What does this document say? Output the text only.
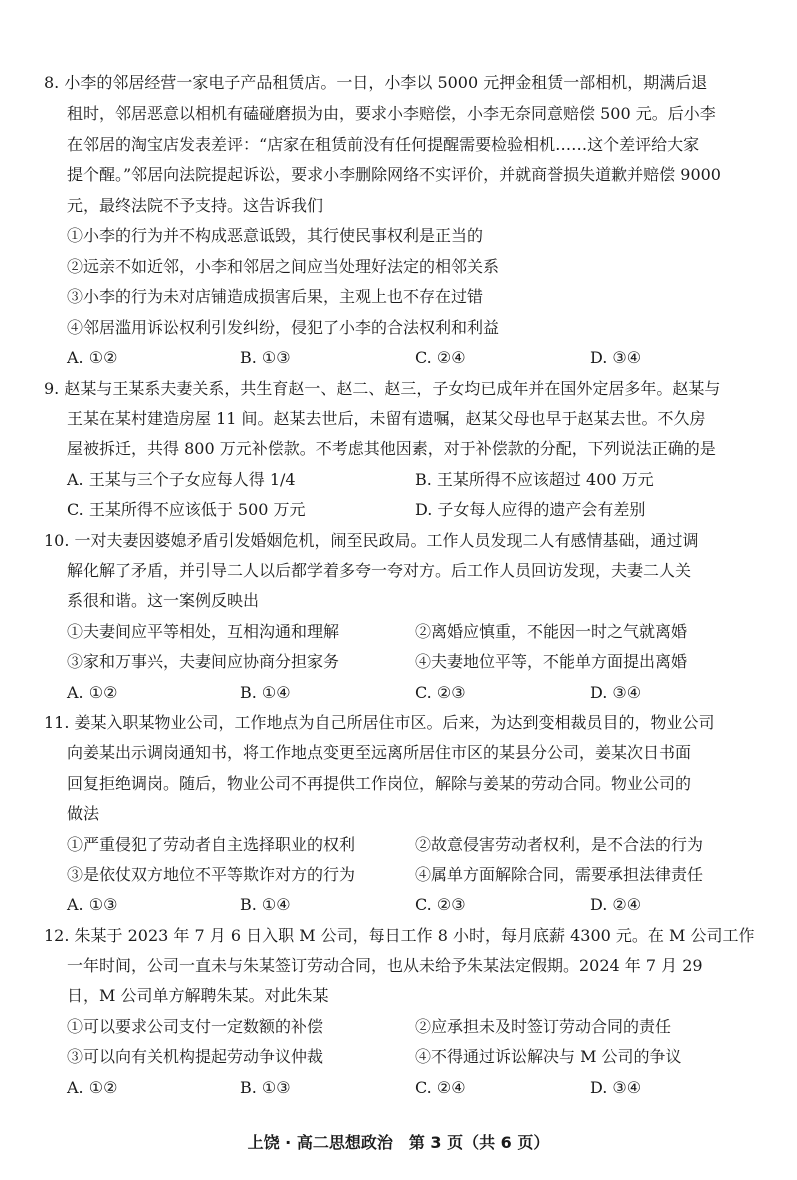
8. 小李的邻居经营一家电子产品租赁店。一日，小李以 5000 元押金租赁一部相机，期满后退
租时，邻居恶意以相机有磕碰磨损为由，要求小李赔偿，小李无奈同意赔偿 500 元。后小李
在邻居的淘宝店发表差评：“店家在租赁前没有任何提醒需要检验相机……这个差评给大家
提个醒。”邻居向法院提起诉讼，要求小李删除网络不实评价，并就商誉损失道歉并赔偿 9000
元，最终法院不予支持。这告诉我们
①小李的行为并不构成恶意诋毁，其行使民事权利是正当的
②远亲不如近邻，小李和邻居之间应当处理好法定的相邻关系
③小李的行为未对店铺造成损害后果，主观上也不存在过错
④邻居滥用诉讼权利引发纠纷，侵犯了小李的合法权利和利益
A. ①②	B. ①③	C. ②④	D. ③④
9. 赵某与王某系夫妻关系，共生育赵一、赵二、赵三，子女均已成年并在国外定居多年。赵某与
王某在某村建造房屋 11 间。赵某去世后，未留有遗嘱，赵某父母也早于赵某去世。不久房
屋被拆迁，共得 800 万元补偿款。不考虑其他因素，对于补偿款的分配，下列说法正确的是
A. 王某与三个子女应每人得 1/4	B. 王某所得不应该超过 400 万元
C. 王某所得不应该低于 500 万元	D. 子女每人应得的遗产会有差别
10. 一对夫妻因婆媳矛盾引发婚姻危机，闹至民政局。工作人员发现二人有感情基础，通过调
解化解了矛盾，并引导二人以后都学着多夸一夸对方。后工作人员回访发现，夫妻二人关
系很和谐。这一案例反映出
①夫妻间应平等相处，互相沟通和理解	②离婚应慎重，不能因一时之气就离婚
③家和万事兴，夫妻间应协商分担家务	④夫妻地位平等，不能单方面提出离婚
A. ①②	B. ①④	C. ②③	D. ③④
11. 姜某入职某物业公司，工作地点为自己所居住市区。后来，为达到变相裁员目的，物业公司
向姜某出示调岗通知书，将工作地点变更至远离所居住市区的某县分公司，姜某次日书面
回复拒绝调岗。随后，物业公司不再提供工作岗位，解除与姜某的劳动合同。物业公司的
做法
①严重侵犯了劳动者自主选择职业的权利	②故意侵害劳动者权利，是不合法的行为
③是依仗双方地位不平等欺诈对方的行为	④属单方面解除合同，需要承担法律责任
A. ①③	B. ①④	C. ②③	D. ②④
12. 朱某于 2023 年 7 月 6 日入职 M 公司，每日工作 8 小时，每月底薪 4300 元。在 M 公司工作
一年时间，公司一直未与朱某签订劳动合同，也从未给予朱某法定假期。2024 年 7 月 29
日，M 公司单方解聘朱某。对此朱某
①可以要求公司支付一定数额的补偿	②应承担未及时签订劳动合同的责任
③可以向有关机构提起劳动争议仲裁	④不得通过诉讼解决与 M 公司的争议
A. ①②	B. ①③	C. ②④	D. ③④
上饶 · 高二思想政治　第 3 页（共 6 页）
